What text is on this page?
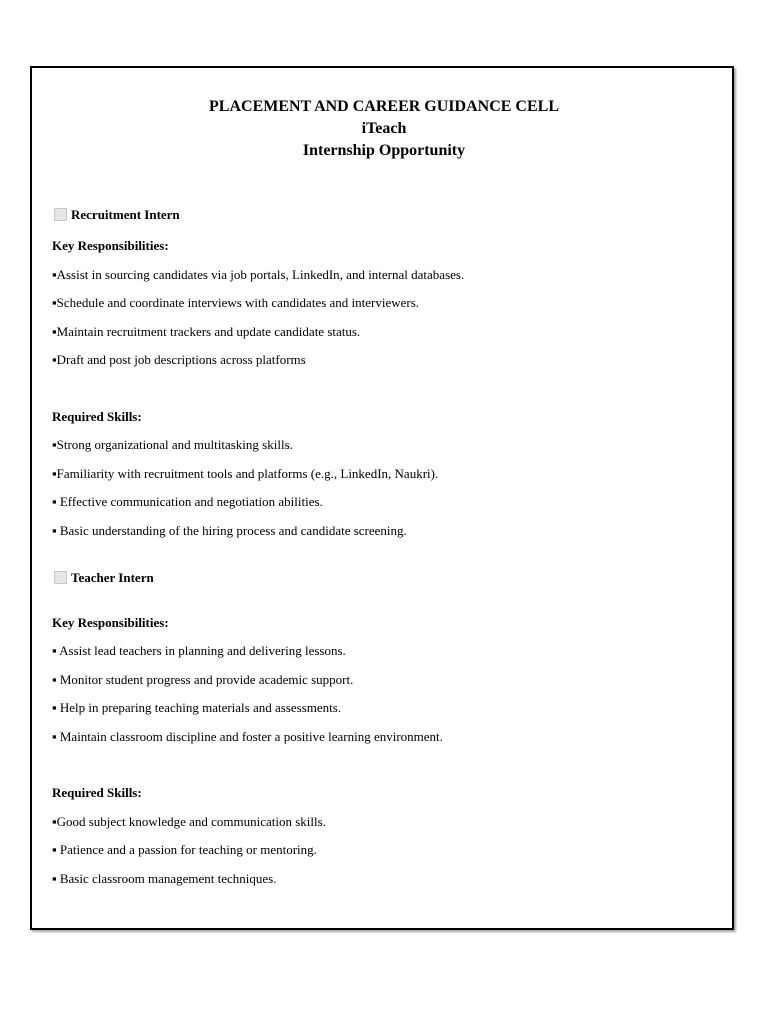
PLACEMENT AND CAREER GUIDANCE CELL
iTeach
Internship Opportunity
Recruitment Intern
Key Responsibilities:
▪Assist in sourcing candidates via job portals, LinkedIn, and internal databases.
▪Schedule and coordinate interviews with candidates and interviewers.
▪Maintain recruitment trackers and update candidate status.
▪Draft and post job descriptions across platforms
Required Skills:
▪Strong organizational and multitasking skills.
▪Familiarity with recruitment tools and platforms (e.g., LinkedIn, Naukri).
▪ Effective communication and negotiation abilities.
▪ Basic understanding of the hiring process and candidate screening.
Teacher Intern
Key Responsibilities:
▪ Assist lead teachers in planning and delivering lessons.
▪ Monitor student progress and provide academic support.
▪ Help in preparing teaching materials and assessments.
▪ Maintain classroom discipline and foster a positive learning environment.
Required Skills:
▪Good subject knowledge and communication skills.
▪ Patience and a passion for teaching or mentoring.
▪ Basic classroom management techniques.
